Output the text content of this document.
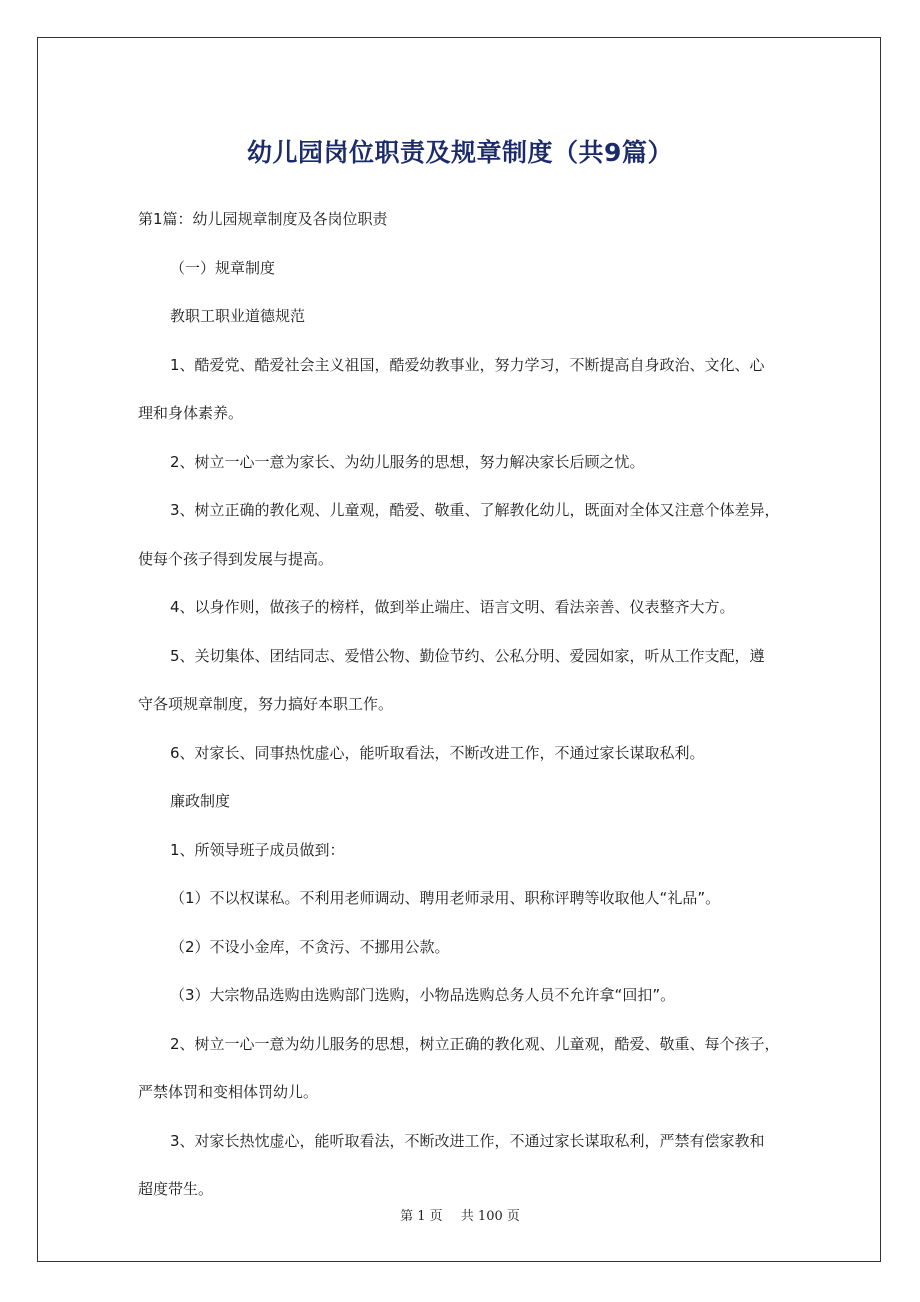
幼儿园岗位职责及规章制度（共9篇）

第1篇：幼儿园规章制度及各岗位职责

（一）规章制度

教职工职业道德规范

1、酷爱党、酷爱社会主义祖国，酷爱幼教事业，努力学习，不断提高自身政治、文化、心

理和身体素养。

2、树立一心一意为家长、为幼儿服务的思想，努力解决家长后顾之忧。

3、树立正确的教化观、儿童观，酷爱、敬重、了解教化幼儿，既面对全体又注意个体差异，

使每个孩子得到发展与提高。

4、以身作则，做孩子的榜样，做到举止端庄、语言文明、看法亲善、仪表整齐大方。

5、关切集体、团结同志、爱惜公物、勤俭节约、公私分明、爱园如家，听从工作支配，遵

守各项规章制度，努力搞好本职工作。

6、对家长、同事热忱虚心，能听取看法，不断改进工作，不通过家长谋取私利。

廉政制度

1、所领导班子成员做到：

（1）不以权谋私。不利用老师调动、聘用老师录用、职称评聘等收取他人“礼品”。

（2）不设小金库，不贪污、不挪用公款。

（3）大宗物品选购由选购部门选购，小物品选购总务人员不允许拿“回扣”。

2、树立一心一意为幼儿服务的思想，树立正确的教化观、儿童观，酷爱、敬重、每个孩子，

严禁体罚和变相体罚幼儿。

3、对家长热忱虚心，能听取看法，不断改进工作，不通过家长谋取私利，严禁有偿家教和

超度带生。

第 1 页 共 100 页
